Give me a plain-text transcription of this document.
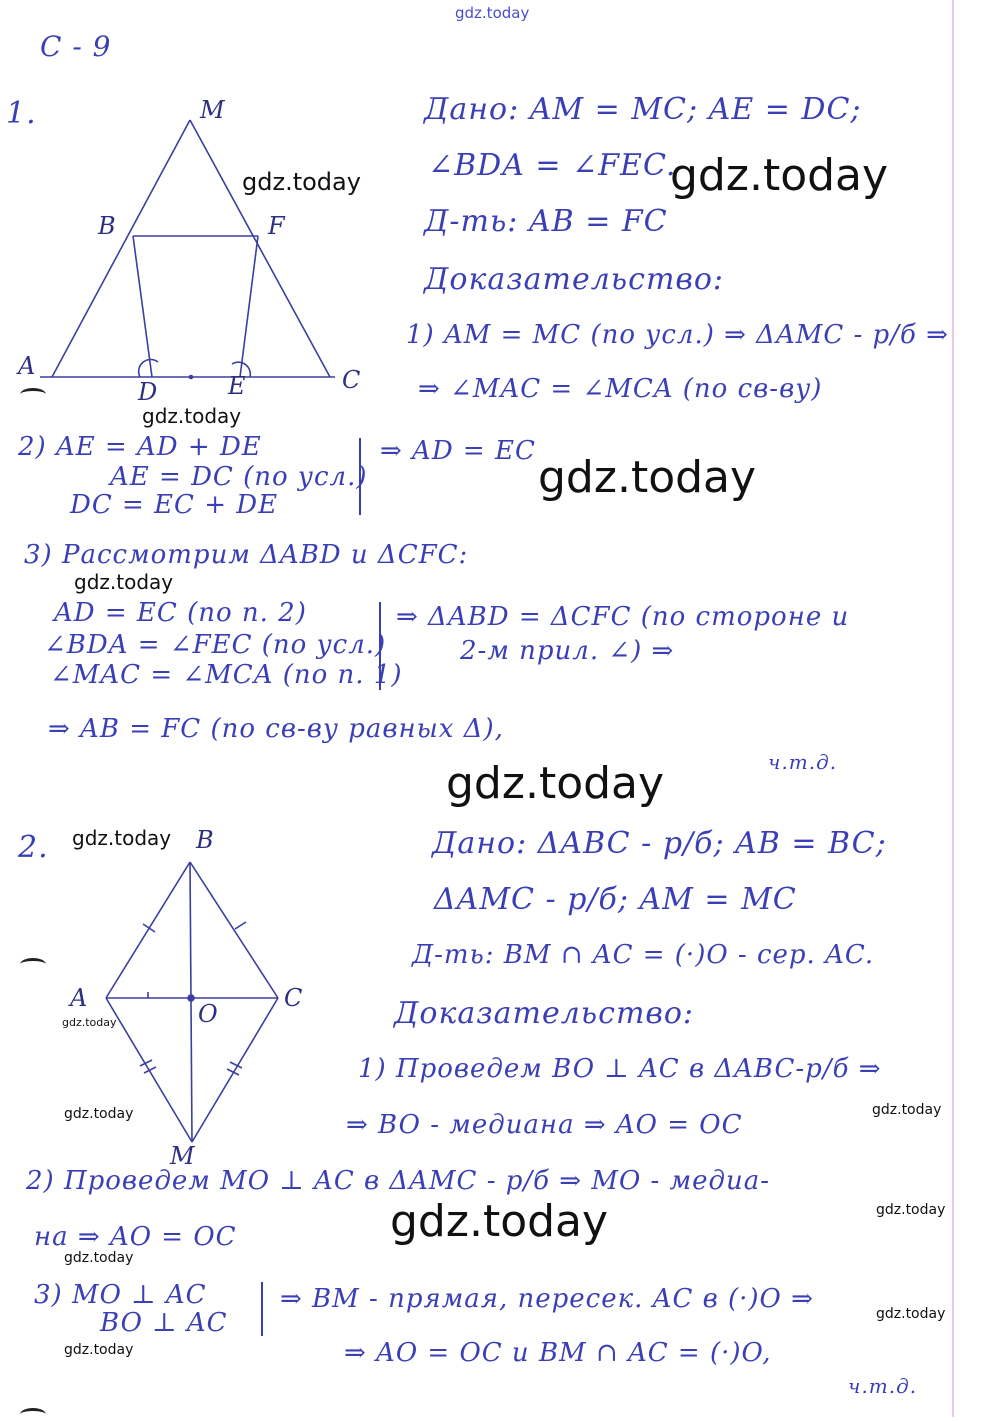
gdz.today
C - 9
1.	M
B	F
A
D	E	C
Дано: AM = MC; AE = DC;
∠BDA = ∠FEC.
Д-ть: AB = FC
Доказательство:
1) AM = MC (по усл.) ⇒ ΔAMC - р/б ⇒
⇒ ∠MAC = ∠MCA (по св-ву)
2) AE = AD + DE
AE = DC (по усл.)
DC = EC + DE
⇒ AD = EC
3) Рассмотрим ΔABD и ΔCFC:
AD = EC (по п. 2)
∠BDA = ∠FEC (по усл.)
∠MAC = ∠MCA (по п. 1)
⇒ ΔABD = ΔCFC (по стороне и
2-м прил. ∠) ⇒
⇒ AB = FC (по св-ву равных Δ),
ч.т.д.
2.	B
A
O
C
M
Дано: ΔABC - р/б; AB = BC;
ΔAMC - р/б; AM = MC
Д-ть: BM ∩ AC = (·)O - сер. AC.
Доказательство:
1) Проведем BO ⊥ AC в ΔABC-р/б ⇒
⇒ BO - медиана ⇒ AO = OC
2) Проведем MO ⊥ AC в ΔAMC - р/б ⇒ MO - медиа-
на ⇒ AO = OC
3) MO ⊥ AC
BO ⊥ AC
⇒ BM - прямая, пересек. AC в (·)O ⇒
⇒ AO = OC и BM ∩ AC = (·)O,
ч.т.д.
gdz.today	gdz.today
gdz.today
gdz.today
gdz.today
gdz.today
gdz.today
gdz.today
gdz.today	gdz.today
gdz.today	gdz.today
gdz.today
gdz.today
gdz.today
